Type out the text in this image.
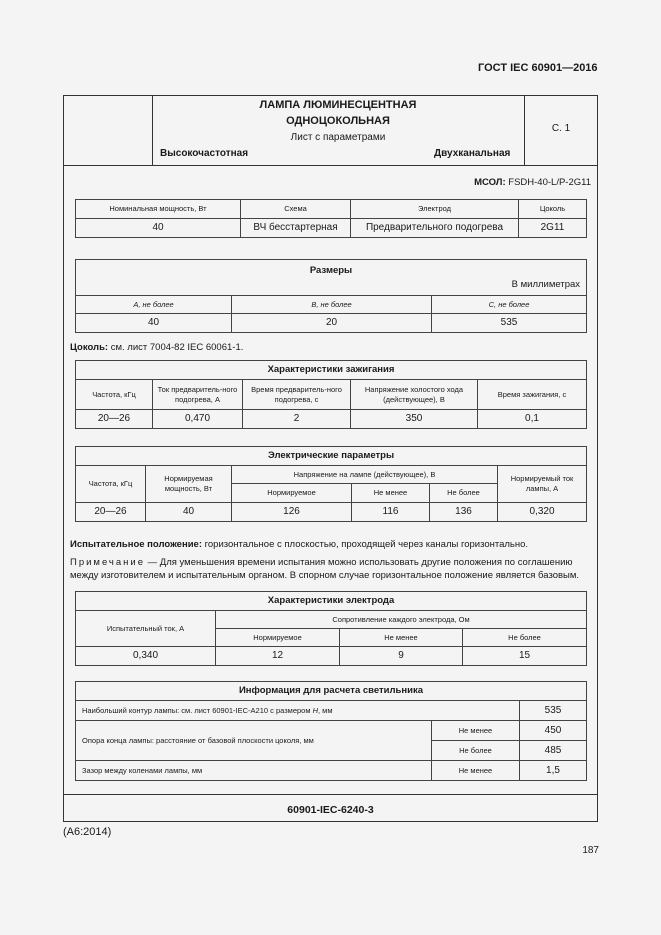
ГОСТ IEC 60901—2016
ЛАМПА ЛЮМИНЕСЦЕНТНАЯ
ОДНОЦОКОЛЬНАЯ
Лист с параметрами
Высокочастотная	Двухканальная
С. 1
МСОЛ: FSDH-40-L/P-2G11
Номинальная мощность, Вт	Схема	Электрод	Цоколь
40	ВЧ бесстартерная	Предварительного подогрева	2G11
Размеры
В миллиметрах		

A, не более	B, не более	C, не более
40	20	535
Цоколь: см. лист 7004-82 IEC 60061-1.
Характеристики зажигания				
Частота, кГц	Ток предваритель-ного подогрева, А	Время предваритель-ного подогрева, с	Напряжение холостого хода (действующее), В	Время зажигания, с
20—26	0,470	2	350	0,1
Электрические параметры					
Частота, кГц	Нормируемая мощность, Вт	Напряжение на лампе (действующее), В			Нормируемый ток лампы, А
		Нормируемое	Не менее	Не более	
20—26	40	126	116	136	0,320
Испытательное положение: горизонтальное с плоскостью, проходящей через каналы горизонтально.
Примечание — Для уменьшения времени испытания можно использовать другие положения по соглашению
между изготовителем и испытательным органом. В спорном случае горизонтальное положение является базовым.
Характеристики электрода			
Испытательный ток, А	Сопротивление каждого электрода, Ом		
	Нормируемое	Не менее	Не более
0,340	12	9	15
Информация для расчета светильника		
Наибольший контур лампы: см. лист 60901-IEC-A210 с размером H, мм		535
Опора конца лампы: расстояние от базовой плоскости цоколя, мм	Не менее	450
	Не более	485
Зазор между коленами лампы, мм	Не менее	1,5
60901-IEC-6240-3
(А6:2014)
187
